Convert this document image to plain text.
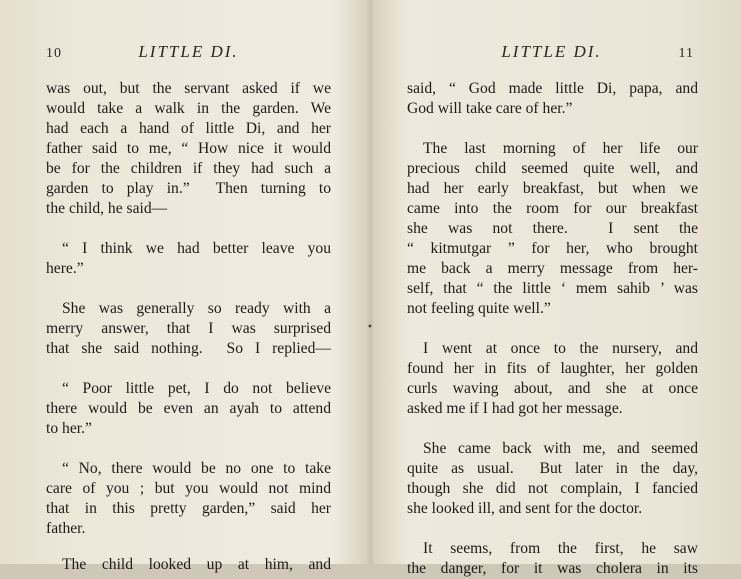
10	LITTLE DI.
was out, but the servant asked if we
would take a walk in the garden. We
had each a hand of little Di, and her
father said to me, “ How nice it would
be for the children if they had such a
garden to play in.”  Then turning to
the child, he said—
“ I think we had better leave you
here.”
She was generally so ready with a
merry answer, that I was surprised
that she said nothing.  So I replied—
“ Poor little pet, I do not believe
there would be even an ayah to attend
to her.”
“ No, there would be no one to take
care of you ; but you would not mind
that in this pretty garden,” said her
father.
The child looked up at him, and
•
LITTLE DI.	11
said, “ God made little Di, papa, and
God will take care of her.”
The last morning of her life our
precious child seemed quite well, and
had her early breakfast, but when we
came into the room for our breakfast
she was not there.  I sent the
“ kitmutgar ” for her, who brought
me back a merry message from her-
self, that “ the little ‘ mem sahib ’ was
not feeling quite well.”
I went at once to the nursery, and
found her in fits of laughter, her golden
curls waving about, and she at once
asked me if I had got her message.
She came back with me, and seemed
quite as usual.  But later in the day,
though she did not complain, I fancied
she looked ill, and sent for the doctor.
It seems, from the first, he saw
the danger, for it was cholera in its
